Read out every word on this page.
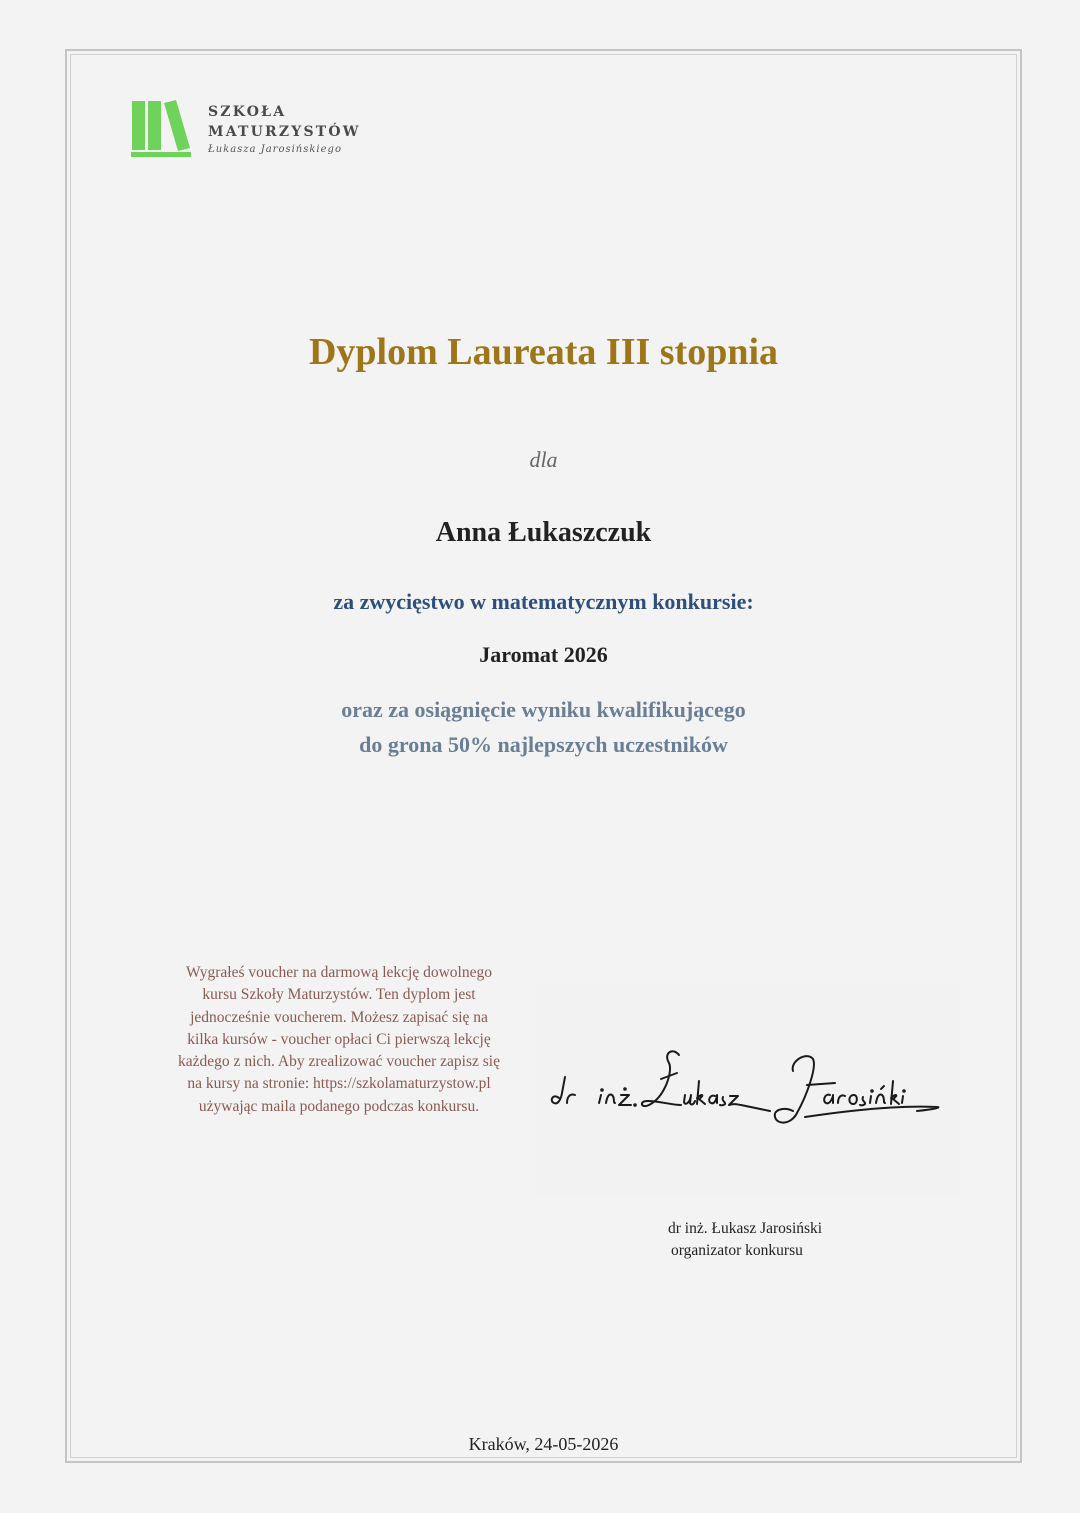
SZKOŁA
MATURZYSTÓW
Łukasza Jarosińskiego
Dyplom Laureata III stopnia
dla
Anna Łukaszczuk
za zwycięstwo w matematycznym konkursie:
Jaromat 2026
oraz za osiągnięcie wyniku kwalifikującego
do grona 50% najlepszych uczestników
Wygrałeś voucher na darmową lekcję dowolnego
kursu Szkoły Maturzystów. Ten dyplom jest
jednocześnie voucherem. Możesz zapisać się na
kilka kursów - voucher opłaci Ci pierwszą lekcję
każdego z nich. Aby zrealizować voucher zapisz się
na kursy na stronie: https://szkolamaturzystow.pl
używając maila podanego podczas konkursu.
dr inż. Łukasz Jarosiński
organizator konkursu
Kraków, 24-05-2026
